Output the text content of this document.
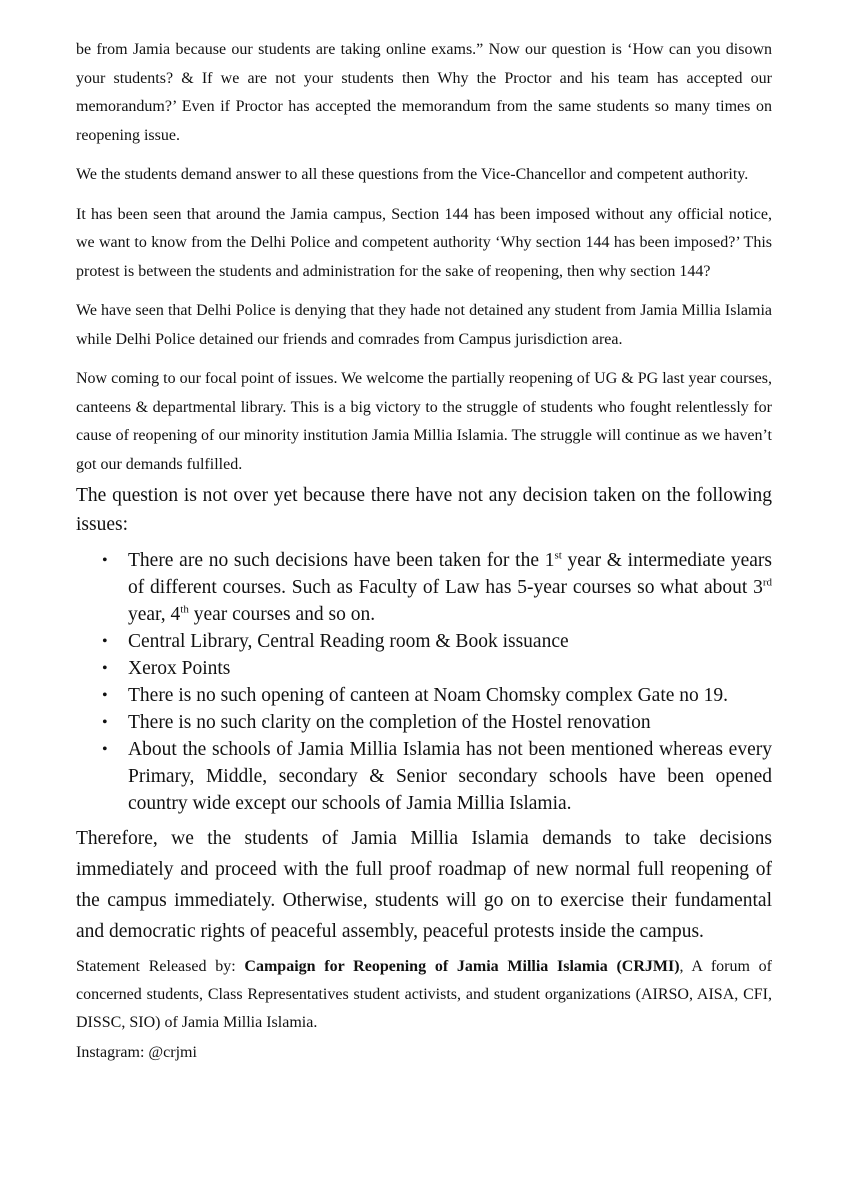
be from Jamia because our students are taking online exams.” Now our question is ‘How can you disown your students? & If we are not your students then Why the Proctor and his team has accepted our memorandum?’ Even if Proctor has accepted the memorandum from the same students so many times on reopening issue.

We the students demand answer to all these questions from the Vice-Chancellor and competent authority.

It has been seen that around the Jamia campus, Section 144 has been imposed without any official notice, we want to know from the Delhi Police and competent authority ‘Why section 144 has been imposed?’ This protest is between the students and administration for the sake of reopening, then why section 144?

We have seen that Delhi Police is denying that they hade not detained any student from Jamia Millia Islamia while Delhi Police detained our friends and comrades from Campus jurisdiction area.

Now coming to our focal point of issues. We welcome the partially reopening of UG & PG last year courses, canteens & departmental library. This is a big victory to the struggle of students who fought relentlessly for cause of reopening of our minority institution Jamia Millia Islamia. The struggle will continue as we haven’t got our demands fulfilled.

The question is not over yet because there have not any decision taken on the following issues:

• There are no such decisions have been taken for the 1st year & intermediate years of different courses. Such as Faculty of Law has 5-year courses so what about 3rd year, 4th year courses and so on.
• Central Library, Central Reading room & Book issuance
• Xerox Points
• There is no such opening of canteen at Noam Chomsky complex Gate no 19.
• There is no such clarity on the completion of the Hostel renovation
• About the schools of Jamia Millia Islamia has not been mentioned whereas every Primary, Middle, secondary & Senior secondary schools have been opened country wide except our schools of Jamia Millia Islamia.

Therefore, we the students of Jamia Millia Islamia demands to take decisions immediately and proceed with the full proof roadmap of new normal full reopening of the campus immediately. Otherwise, students will go on to exercise their fundamental and democratic rights of peaceful assembly, peaceful protests inside the campus.

Statement Released by: Campaign for Reopening of Jamia Millia Islamia (CRJMI), A forum of concerned students, Class Representatives student activists, and student organizations (AIRSO, AISA, CFI, DISSC, SIO) of Jamia Millia Islamia.

Instagram: @crjmi
